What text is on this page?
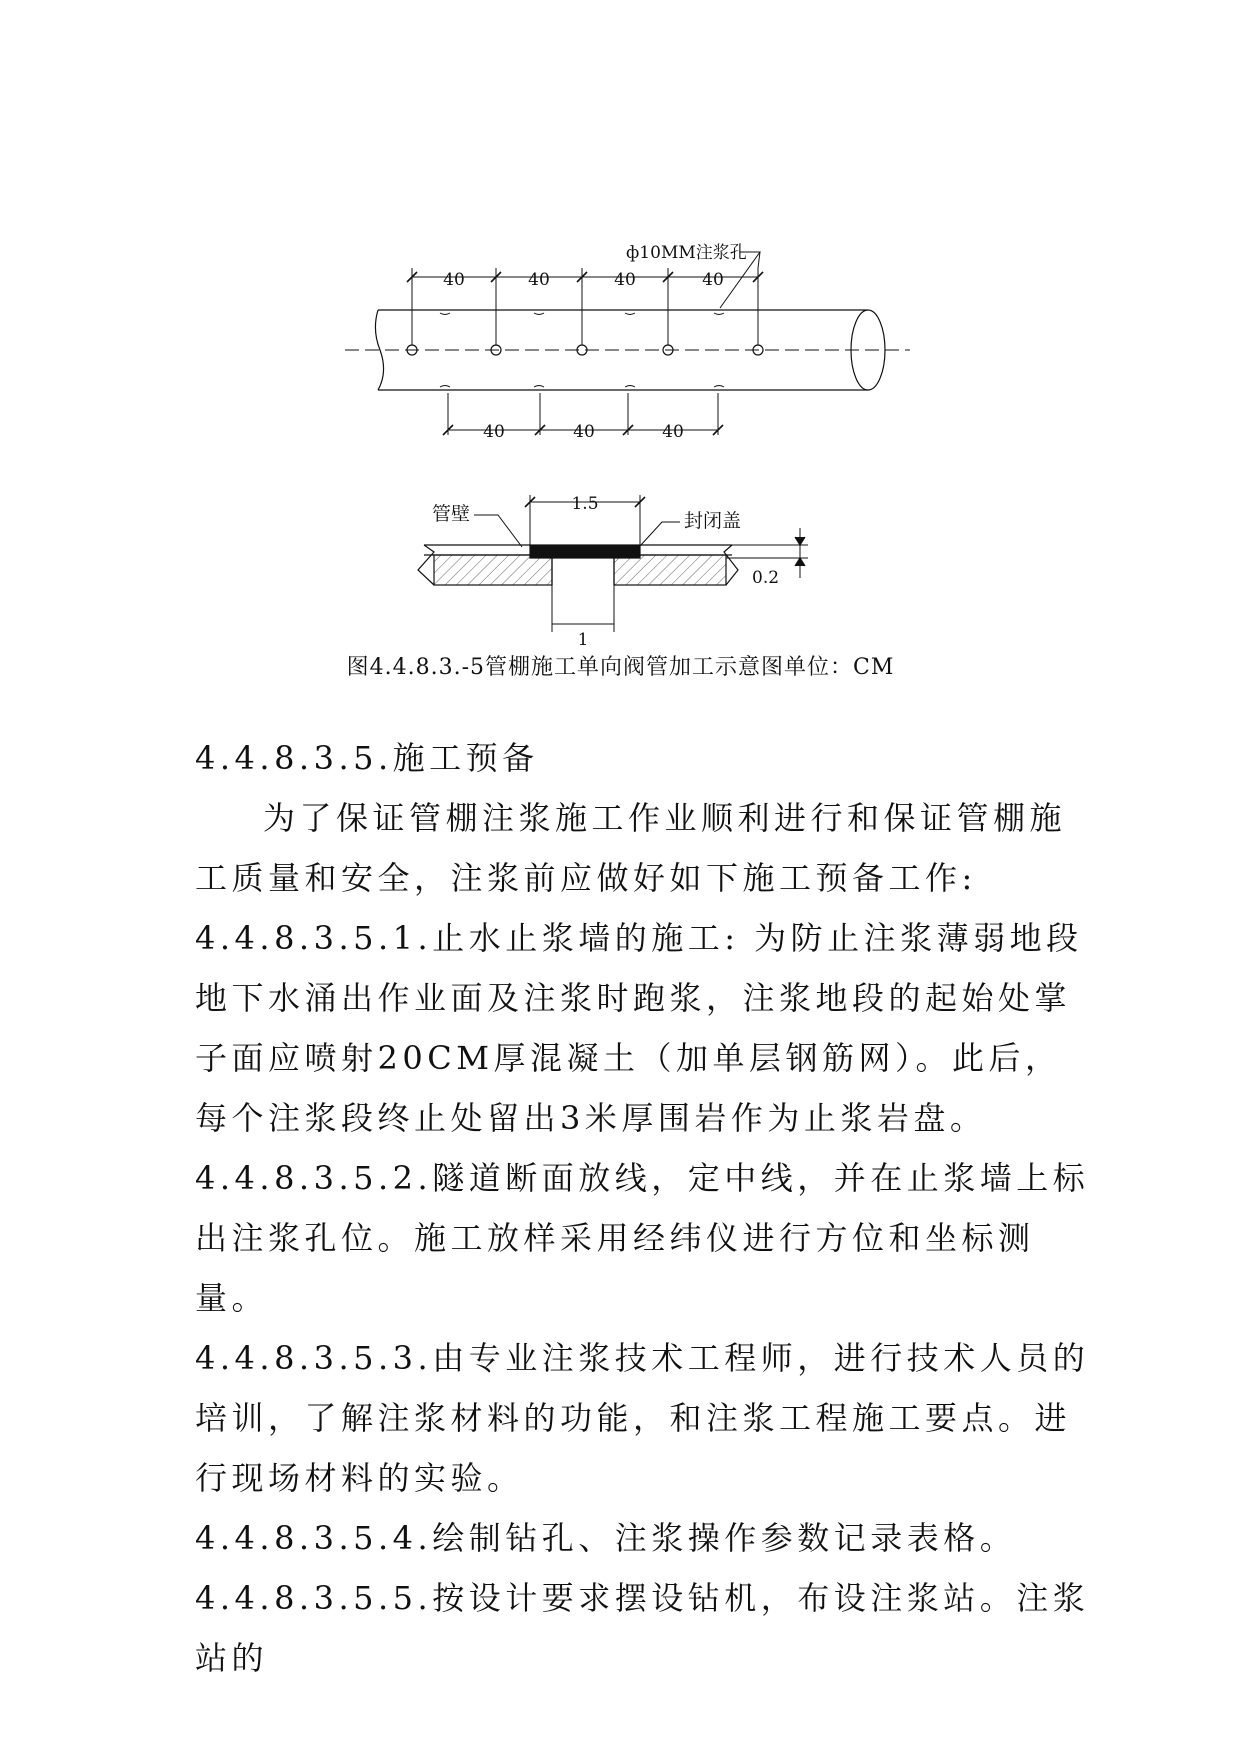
ф10MM注浆孔
40	40	40	40
40	40	40
管壁	封闭盖
1.5
1
0.2
图4.4.8.3.-5管棚施工单向阀管加工示意图单位：CM

4.4.8.3.5.施工预备

为了保证管棚注浆施工作业顺利进行和保证管棚施工质量和安全，注浆前应做好如下施工预备工作:

4.4.8.3.5.1.止水止浆墙的施工: 为防止注浆薄弱地段地下水涌出作业面及注浆时跑浆，注浆地段的起始处掌子面应喷射20CM厚混凝土（加单层钢筋网）。此后，每个注浆段终止处留出3米厚围岩作为止浆岩盘。

4.4.8.3.5.2.隧道断面放线，定中线，并在止浆墙上标出注浆孔位。施工放样采用经纬仪进行方位和坐标测量。

4.4.8.3.5.3.由专业注浆技术工程师，进行技术人员的培训，了解注浆材料的功能，和注浆工程施工要点。进行现场材料的实验。

4.4.8.3.5.4.绘制钻孔、注浆操作参数记录表格。

4.4.8.3.5.5.按设计要求摆设钻机，布设注浆站。注浆站的
